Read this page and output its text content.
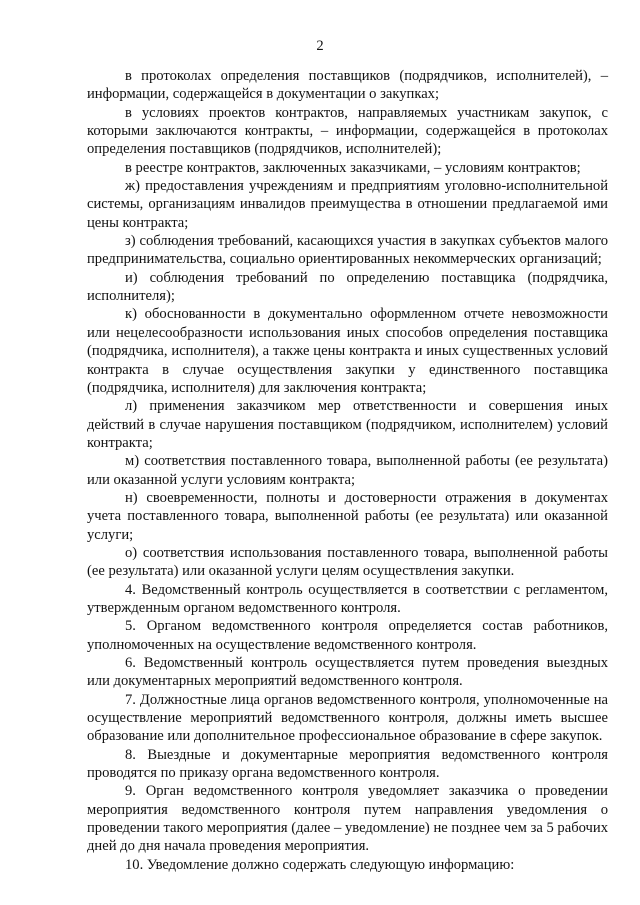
2

в протоколах определения поставщиков (подрядчиков, исполнителей), – информации, содержащейся в документации о закупках;

в условиях проектов контрактов, направляемых участникам закупок, с которыми заключаются контракты, – информации, содержащейся в протоколах определения поставщиков (подрядчиков, исполнителей);

в реестре контрактов, заключенных заказчиками, – условиям контрактов;

ж) предоставления учреждениям и предприятиям уголовно-исполнительной системы, организациям инвалидов преимущества в отношении предлагаемой ими цены контракта;

з) соблюдения требований, касающихся участия в закупках субъектов малого предпринимательства, социально ориентированных некоммерческих организаций;

и) соблюдения требований по определению поставщика (подрядчика, исполнителя);

к) обоснованности в документально оформленном отчете невозможности или нецелесообразности использования иных способов определения поставщика (подрядчика, исполнителя), а также цены контракта и иных существенных условий контракта в случае осуществления закупки у единственного поставщика (подрядчика, исполнителя) для заключения контракта;

л) применения заказчиком мер ответственности и совершения иных действий в случае нарушения поставщиком (подрядчиком, исполнителем) условий контракта;

м) соответствия поставленного товара, выполненной работы (ее результата) или оказанной услуги условиям контракта;

н) своевременности, полноты и достоверности отражения в документах учета поставленного товара, выполненной работы (ее результата) или оказанной услуги;

о) соответствия использования поставленного товара, выполненной работы (ее результата) или оказанной услуги целям осуществления закупки.

4. Ведомственный контроль осуществляется в соответствии с регламентом, утвержденным органом ведомственного контроля.

5. Органом ведомственного контроля определяется состав работников, уполномоченных на осуществление ведомственного контроля.

6. Ведомственный контроль осуществляется путем проведения выездных или документарных мероприятий ведомственного контроля.

7. Должностные лица органов ведомственного контроля, уполномоченные на осуществление мероприятий ведомственного контроля, должны иметь высшее образование или дополнительное профессиональное образование в сфере закупок.

8. Выездные и документарные мероприятия ведомственного контроля проводятся по приказу органа ведомственного контроля.

9. Орган ведомственного контроля уведомляет заказчика о проведении мероприятия ведомственного контроля путем направления уведомления о проведении такого мероприятия (далее – уведомление) не позднее чем за 5 рабочих дней до дня начала проведения мероприятия.

10. Уведомление должно содержать следующую информацию:
